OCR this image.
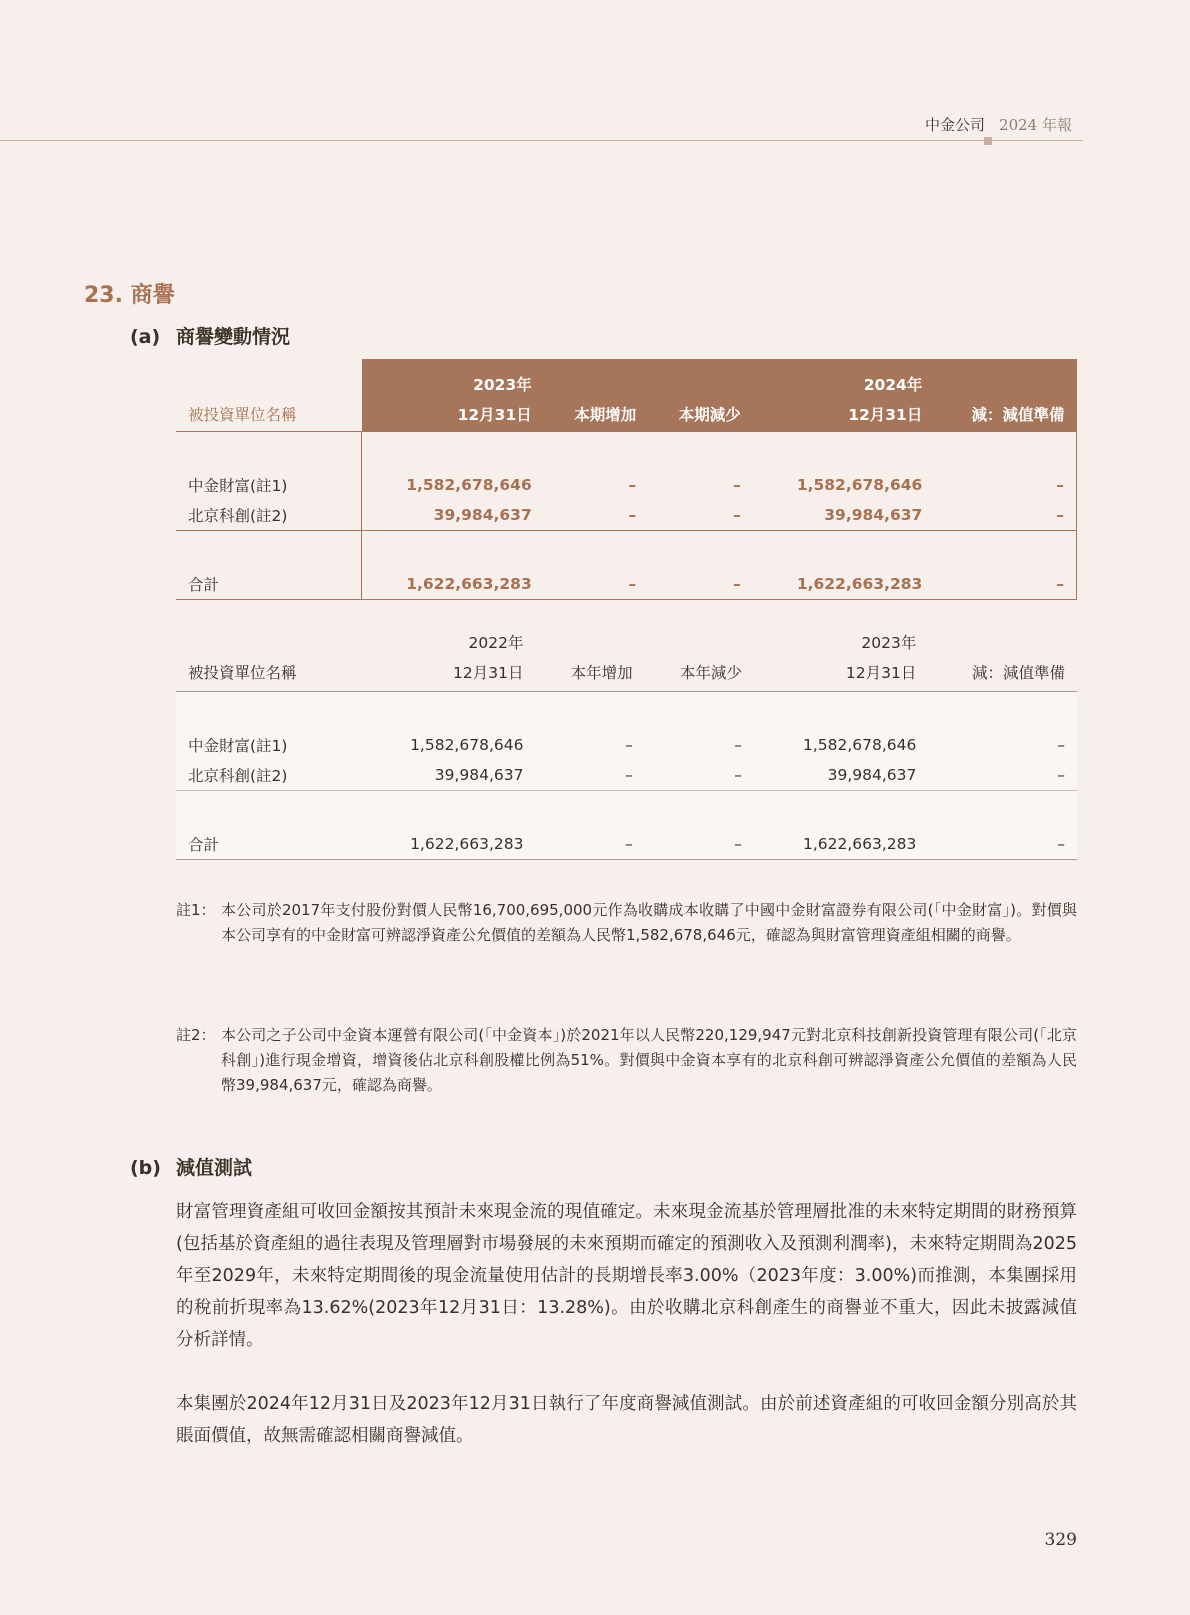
中金公司 2024 年報
23. 商譽
(a) 商譽變動情況
	2023年			2024年	
被投資單位名稱	12月31日	本期增加	本期減少	12月31日	減：減值準備

中金財富(註1)	1,582,678,646	–	–	1,582,678,646	–
北京科創(註2)	39,984,637	–	–	39,984,637	–

合計	1,622,663,283	–	–	1,622,663,283	–
	2022年			2023年	
被投資單位名稱	12月31日	本年增加	本年減少	12月31日	減：減值準備

中金財富(註1)	1,582,678,646	–	–	1,582,678,646	–
北京科創(註2)	39,984,637	–	–	39,984,637	–

合計	1,622,663,283	–	–	1,622,663,283	–
註1： 本公司於2017年支付股份對價人民幣16,700,695,000元作為收購成本收購了中國中金財富證券有限公司(「中金財富」)。對價與本公司享有的中金財富可辨認淨資產公允價值的差額為人民幣1,582,678,646元，確認為與財富管理資產組相關的商譽。
註2： 本公司之子公司中金資本運營有限公司(「中金資本」)於2021年以人民幣220,129,947元對北京科技創新投資管理有限公司(「北京科創」)進行現金增資，增資後佔北京科創股權比例為51%。對價與中金資本享有的北京科創可辨認淨資產公允價值的差額為人民幣39,984,637元，確認為商譽。
(b) 減值測試
財富管理資產組可收回金額按其預計未來現金流的現值確定。未來現金流基於管理層批准的未來特定期間的財務預算(包括基於資產組的過往表現及管理層對市場發展的未來預期而確定的預測收入及預測利潤率)，未來特定期間為2025年至2029年，未來特定期間後的現金流量使用估計的長期增長率3.00%（2023年度：3.00%)而推測，本集團採用的稅前折現率為13.62%(2023年12月31日：13.28%)。由於收購北京科創產生的商譽並不重大，因此未披露減值分析詳情。
本集團於2024年12月31日及2023年12月31日執行了年度商譽減值測試。由於前述資產組的可收回金額分別高於其賬面價值，故無需確認相關商譽減值。
329
